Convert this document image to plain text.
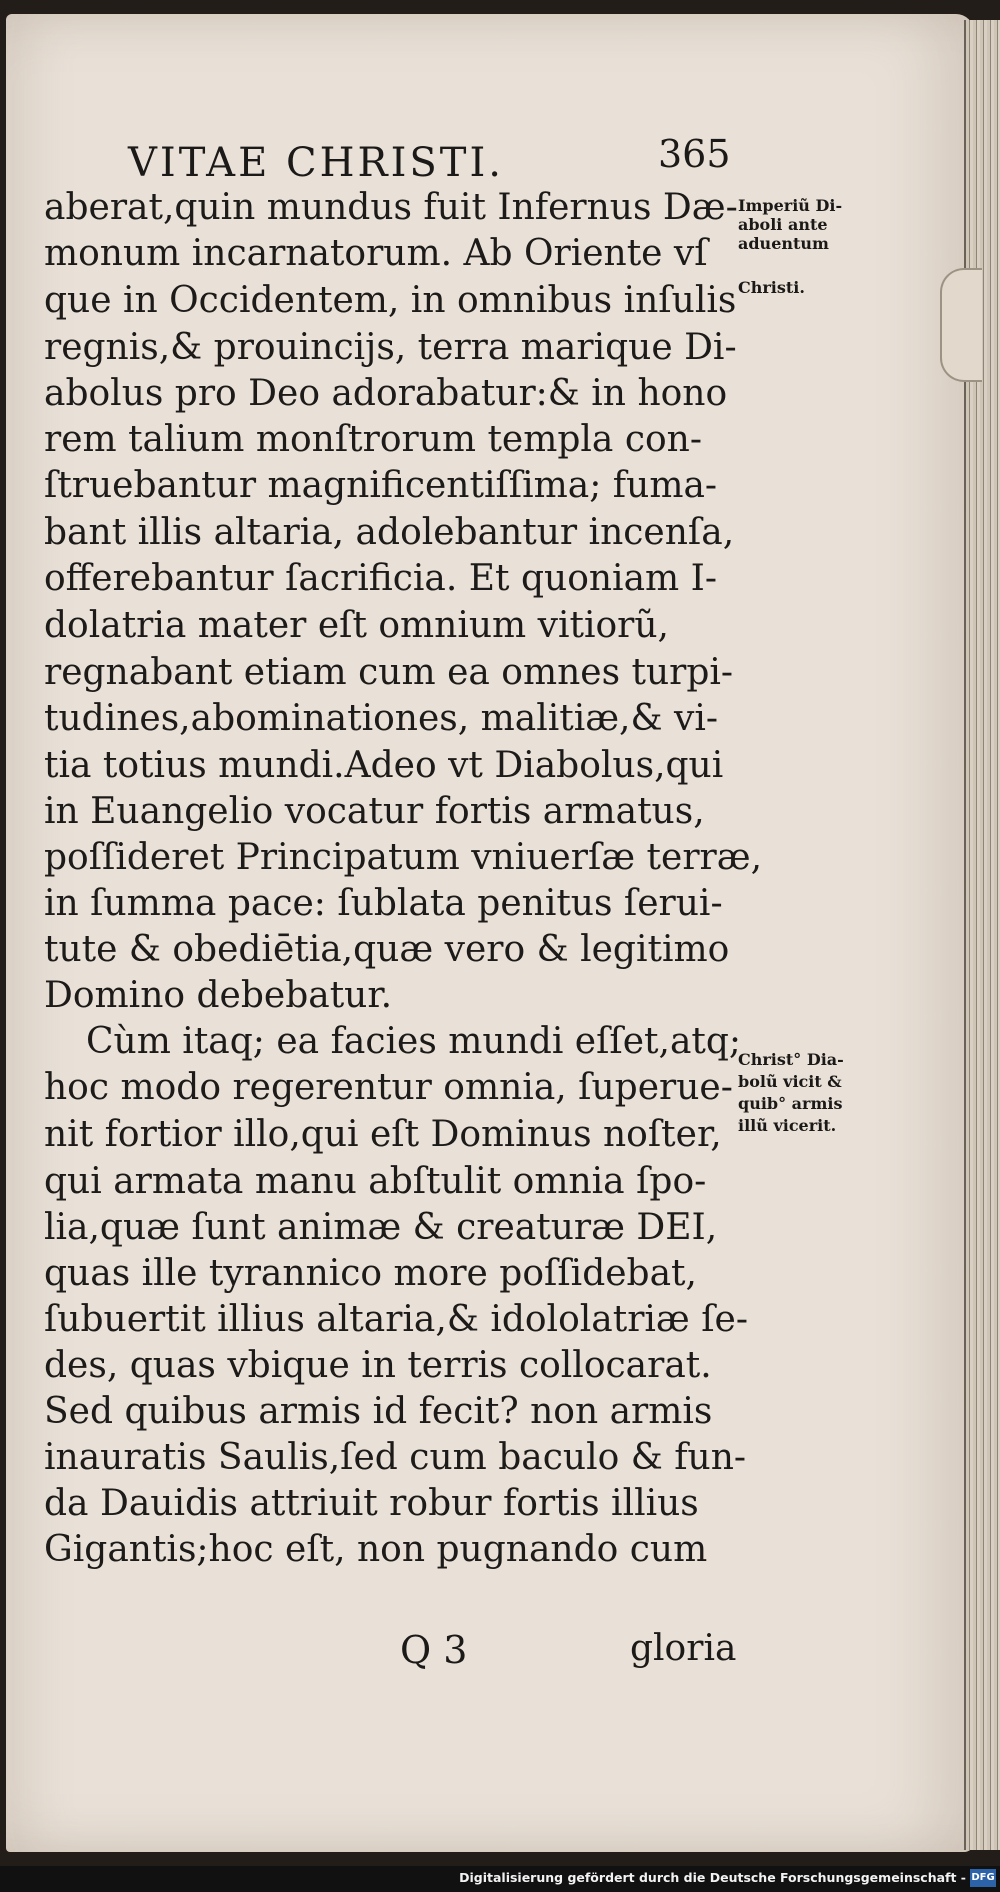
VITAE CHRISTI.	365
aberat,quin mundus fuit Infernus Dæ-
monum incarnatorum. Ab Oriente vſ
que in Occidentem, in omnibus inſulis
regnis,& prouincijs, terra marique Di-
abolus pro Deo adorabatur:& in hono
rem talium monſtrorum templa con-
ſtruebantur magnificentiſſima; fuma-
bant illis altaria, adolebantur incenſa,
offerebantur ſacrificia. Et quoniam I-
dolatria mater eſt omnium vitiorũ,
regnabant etiam cum ea omnes turpi-
tudines,abominationes, malitiæ,& vi-
tia totius mundi.Adeo vt Diabolus,qui
in Euangelio vocatur fortis armatus,
poſſideret Principatum vniuerſæ terræ,
in ſumma pace: ſublata penitus ſerui-
tute & obediētia,quæ vero & legitimo
Domino debebatur.
Cùm itaq; ea facies mundi eſſet,atq;
hoc modo regerentur omnia, ſuperue-
nit fortior illo,qui eſt Dominus noſter,
qui armata manu abſtulit omnia ſpo-
lia,quæ ſunt animæ & creaturæ DEI,
quas ille tyrannico more poſſidebat,
ſubuertit illius altaria,& idololatriæ ſe-
des, quas vbique in terris collocarat.
Sed quibus armis id fecit? non armis
inauratis Saulis,ſed cum baculo & fun-
da Dauidis attriuit robur fortis illius
Gigantis;hoc eſt, non pugnando cum
Imperiũ Di-
aboli ante
aduentum
Christi.
Christ° Dia-
bolũ vicit &
quib° armis
illũ vicerit.
Q 3	gloria
Digitalisierung gefördert durch die Deutsche Forschungsgemeinschaft - DFG
